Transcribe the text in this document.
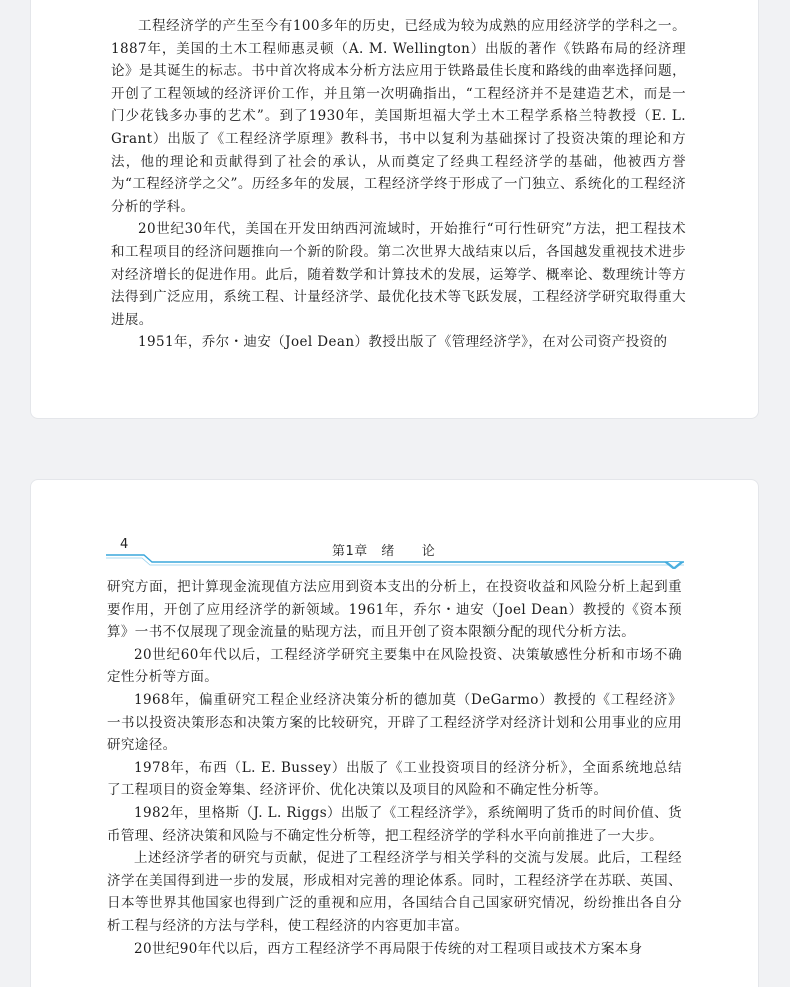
工程经济学的产生至今有100多年的历史，已经成为较为成熟的应用经济学的学科之一。1887年，美国的土木工程师惠灵顿（A. M. Wellington）出版的著作《铁路布局的经济理论》是其诞生的标志。书中首次将成本分析方法应用于铁路最佳长度和路线的曲率选择问题，开创了工程领域的经济评价工作，并且第一次明确指出，“工程经济并不是建造艺术，而是一门少花钱多办事的艺术”。到了1930年，美国斯坦福大学土木工程学系格兰特教授（E. L. Grant）出版了《工程经济学原理》教科书，书中以复利为基础探讨了投资决策的理论和方法，他的理论和贡献得到了社会的承认，从而奠定了经典工程经济学的基础，他被西方誉为“工程经济学之父”。历经多年的发展，工程经济学终于形成了一门独立、系统化的工程经济分析的学科。

20世纪30年代，美国在开发田纳西河流域时，开始推行“可行性研究”方法，把工程技术和工程项目的经济问题推向一个新的阶段。第二次世界大战结束以后，各国越发重视技术进步对经济增长的促进作用。此后，随着数学和计算技术的发展，运筹学、概率论、数理统计等方法得到广泛应用，系统工程、计量经济学、最优化技术等飞跃发展，工程经济学研究取得重大进展。

1951年，乔尔・迪安（Joel Dean）教授出版了《管理经济学》，在对公司资产投资的

4	第1章　绪　　论

研究方面，把计算现金流现值方法应用到资本支出的分析上，在投资收益和风险分析上起到重要作用，开创了应用经济学的新领域。1961年，乔尔・迪安（Joel Dean）教授的《资本预算》一书不仅展现了现金流量的贴现方法，而且开创了资本限额分配的现代分析方法。

20世纪60年代以后，工程经济学研究主要集中在风险投资、决策敏感性分析和市场不确定性分析等方面。

1968年，偏重研究工程企业经济决策分析的德加莫（DeGarmo）教授的《工程经济》一书以投资决策形态和决策方案的比较研究，开辟了工程经济学对经济计划和公用事业的应用研究途径。

1978年，布西（L. E. Bussey）出版了《工业投资项目的经济分析》，全面系统地总结了工程项目的资金筹集、经济评价、优化决策以及项目的风险和不确定性分析等。

1982年，里格斯（J. L. Riggs）出版了《工程经济学》，系统阐明了货币的时间价值、货币管理、经济决策和风险与不确定性分析等，把工程经济学的学科水平向前推进了一大步。

上述经济学者的研究与贡献，促进了工程经济学与相关学科的交流与发展。此后，工程经济学在美国得到进一步的发展，形成相对完善的理论体系。同时，工程经济学在苏联、英国、日本等世界其他国家也得到广泛的重视和应用，各国结合自己国家研究情况，纷纷推出各自分析工程与经济的方法与学科，使工程经济的内容更加丰富。

20世纪90年代以后，西方工程经济学不再局限于传统的对工程项目或技术方案本身
